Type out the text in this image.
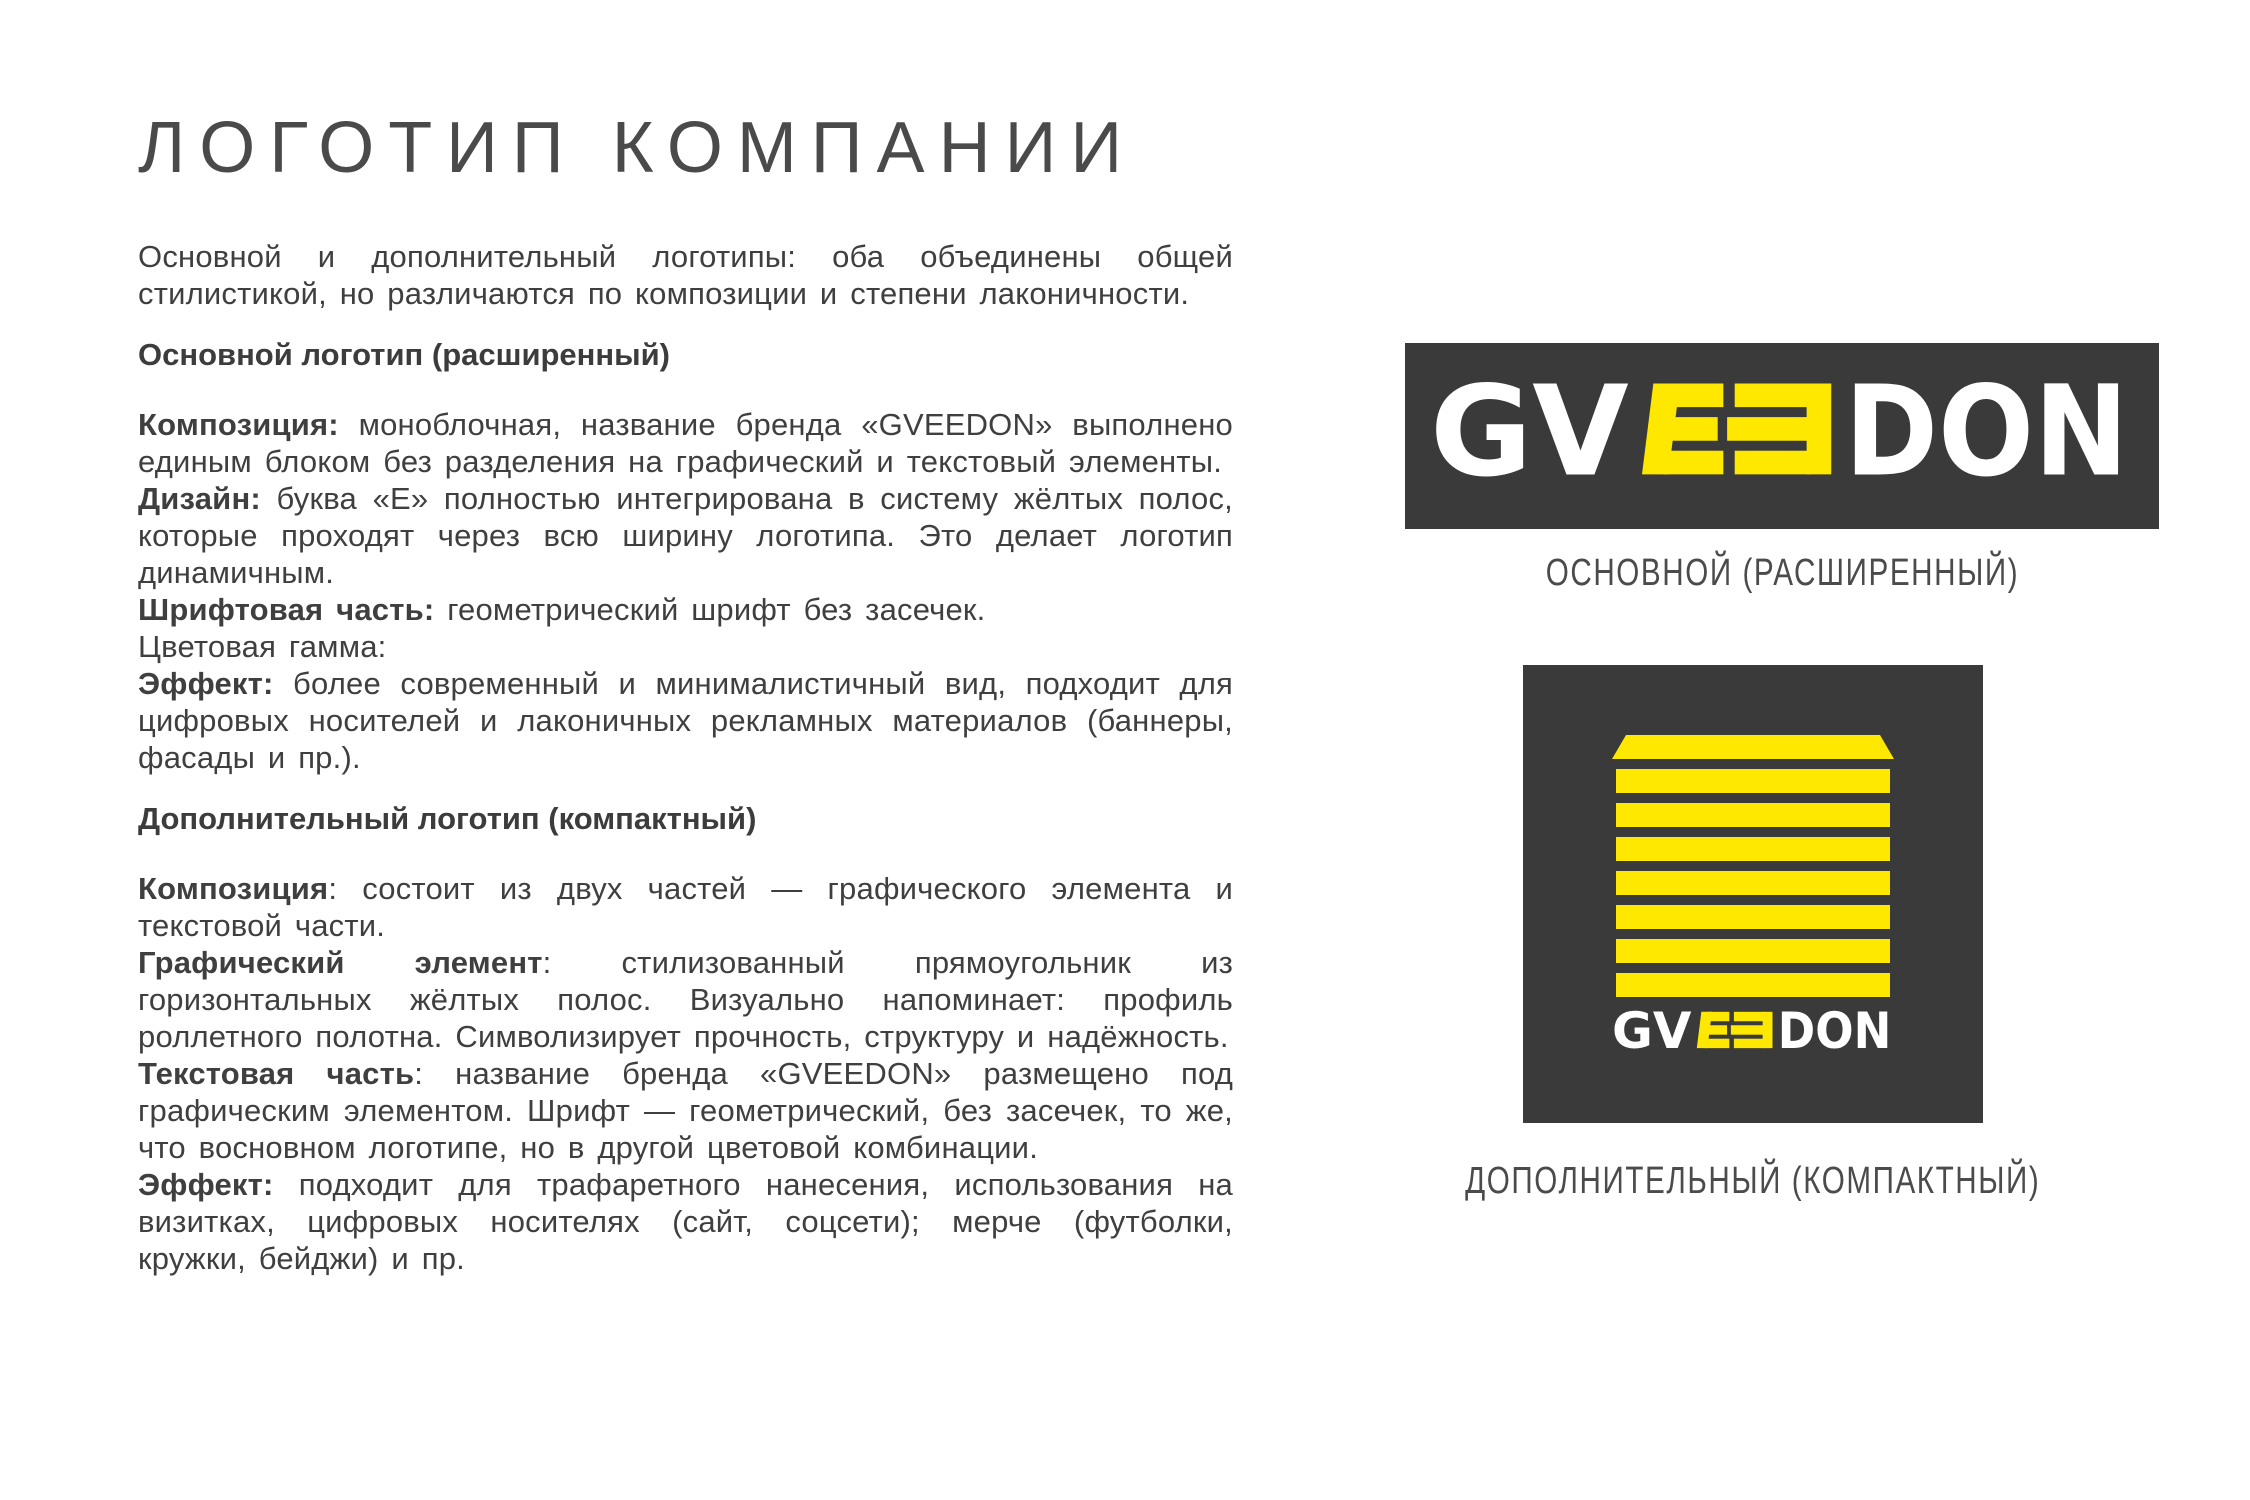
ЛОГОТИП КОМПАНИИ

Основной и дополнительный логотипы: оба объединены общей стилистикой, но различаются по композиции и степени лаконичности.

Основной логотип (расширенный)

Композиция: моноблочная, название бренда «GVEEDON» выполнено единым блоком без разделения на графический и текстовый элементы.

Дизайн: буква «Е» полностью интегрирована в систему жёлтых полос, которые проходят через всю ширину логотипа. Это делает логотип динамичным.

Шрифтовая часть: геометрический шрифт без засечек.

Цветовая гамма:

Эффект: более современный и минималистичный вид, подходит для цифровых носителей и лаконичных рекламных материалов (баннеры, фасады и пр.).

Дополнительный логотип (компактный)

Композиция: состоит из двух частей — графического элемента и текстовой части.

Графический элемент: стилизованный прямоугольник из горизонтальных жёлтых полос. Визуально напоминает: профиль роллетного полотна. Символизирует прочность, структуру и надёжность.

Текстовая часть: название бренда «GVEEDON» размещено под графическим элементом. Шрифт — геометрический, без засечек, то же, что восновном логотипе, но в другой цветовой комбинации.

Эффект: подходит для трафаретного нанесения, использования на визитках, цифровых носителях (сайт, соцсети); мерче (футболки, кружки, бейджи) и пр.

ОСНОВНОЙ (РАСШИРЕННЫЙ)
ДОПОЛНИТЕЛЬНЫЙ (КОМПАКТНЫЙ)
